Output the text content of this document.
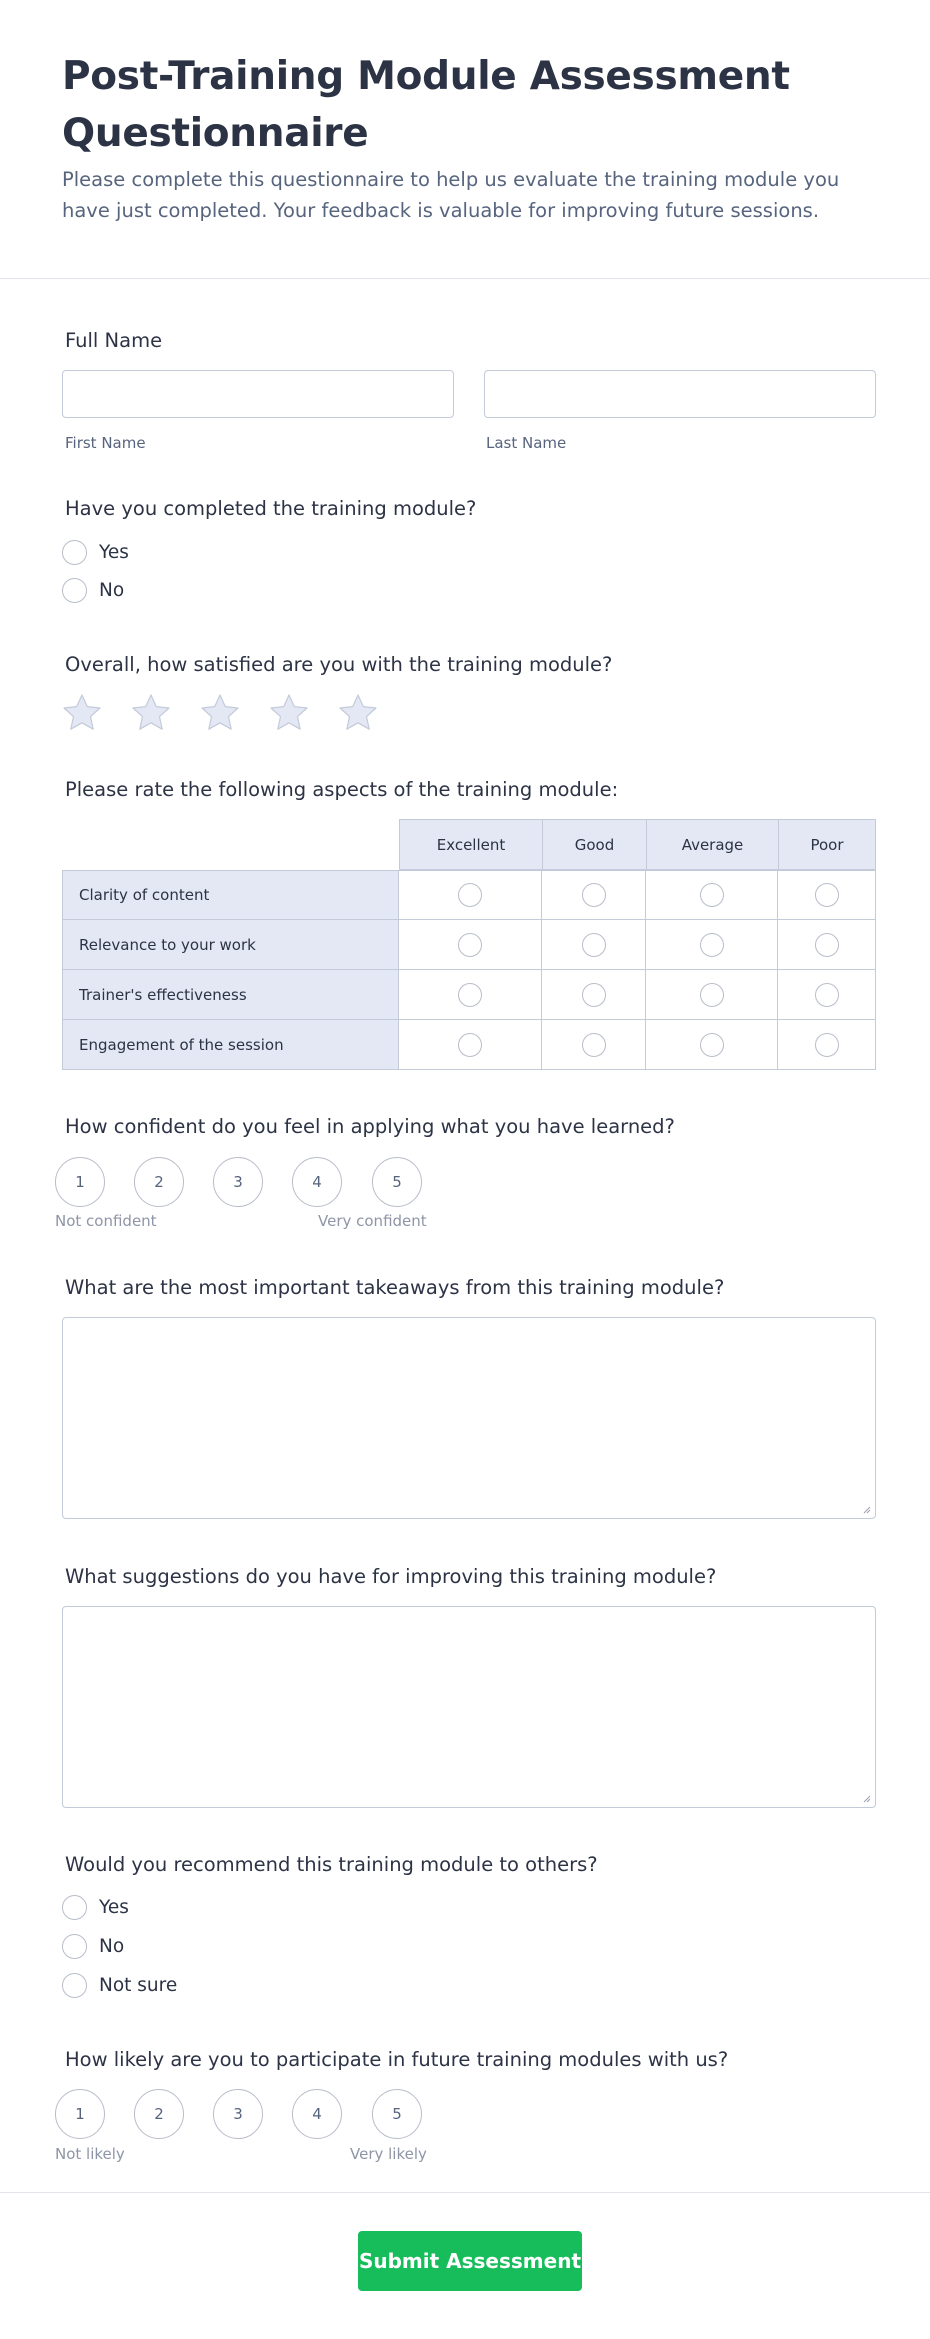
Post-Training Module Assessment Questionnaire

Please complete this questionnaire to help us evaluate the training module you have just completed. Your feedback is valuable for improving future sessions.

Full Name
First Name	Last Name
Have you completed the training module?
Yes
No
Overall, how satisfied are you with the training module?
Please rate the following aspects of the training module:
Excellent	Good	Average	Poor
Clarity of content
Relevance to your work
Trainer's effectiveness
Engagement of the session
How confident do you feel in applying what you have learned?
1	2	3	4	5
Not confident	Very confident
What are the most important takeaways from this training module?
What suggestions do you have for improving this training module?
Would you recommend this training module to others?
Yes
No
Not sure
How likely are you to participate in future training modules with us?
1	2	3	4	5
Not likely	Very likely
Submit Assessment
